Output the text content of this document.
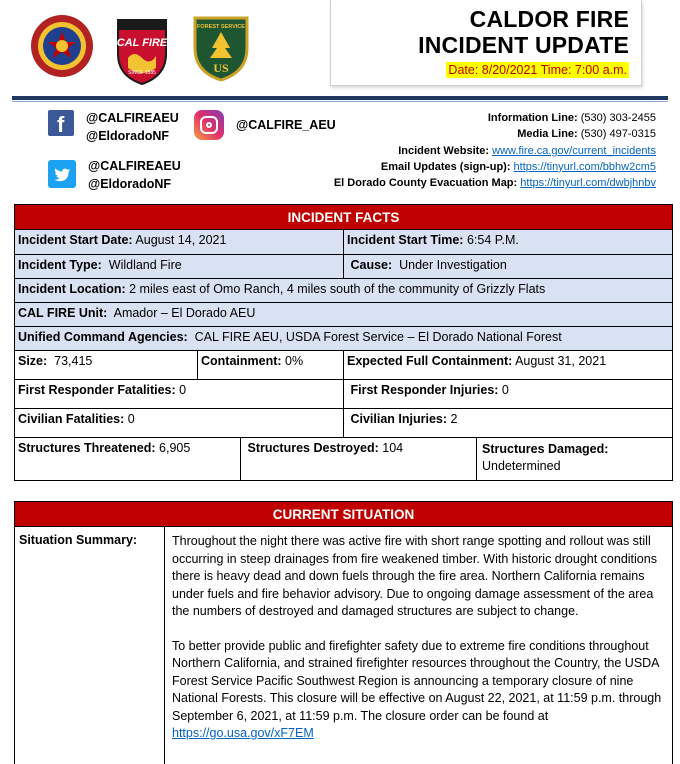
CAL FIRE
SINCE 1885
FOREST SERVICE
US
CALDOR FIRE
INCIDENT UPDATE
Date: 8/20/2021 Time: 7:00 a.m.
f @CALFIREAEU
@EldoradoNF
@CALFIRE_AEU
@CALFIREAEU
@EldoradoNF
Information Line: (530) 303-2455
Media Line: (530) 497-0315
Incident Website: www.fire.ca.gov/current_incidents
Email Updates (sign-up): https://tinyurl.com/bbhw2cm5
El Dorado County Evacuation Map: https://tinyurl.com/dwbjhnbv
INCIDENT FACTS
Incident Start Date: August 14, 2021	Incident Start Time: 6:54 P.M.
Incident Type: Wildland Fire	Cause: Under Investigation
Incident Location: 2 miles east of Omo Ranch, 4 miles south of the community of Grizzly Flats
CAL FIRE Unit: Amador – El Dorado AEU
Unified Command Agencies: CAL FIRE AEU, USDA Forest Service – El Dorado National Forest
Size: 73,415	Containment: 0%	Expected Full Containment: August 31, 2021
First Responder Fatalities: 0	First Responder Injuries: 0
Civilian Fatalities: 0	Civilian Injuries: 2
Structures Threatened: 6,905	Structures Destroyed: 104	Structures Damaged:
Undetermined
CURRENT SITUATION
Situation Summary:	Throughout the night there was active fire with short range spotting and rollout was still occurring in steep drainages from fire weakened timber. With historic drought conditions there is heavy dead and down fuels through the fire area. Northern California remains under fuels and fire behavior advisory. Due to ongoing damage assessment of the area the numbers of destroyed and damaged structures are subject to change.

To better provide public and firefighter safety due to extreme fire conditions throughout Northern California, and strained firefighter resources throughout the Country, the USDA Forest Service Pacific Southwest Region is announcing a temporary closure of nine National Forests. This closure will be effective on August 22, 2021, at 11:59 p.m. through September 6, 2021, at 11:59 p.m. The closure order can be found at https://go.usa.gov/xF7EM
